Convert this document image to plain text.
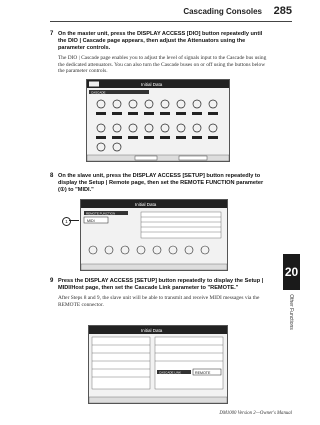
Cascading Consoles 285
20
Other Functions
7 On the master unit, press the DISPLAY ACCESS [DIO] button repeatedly until the DIO | Cascade page appears, then adjust the Attenuators using the parameter controls.
The DIO | Cascade page enables you to adjust the level of signals input to the Cascade bus using the dedicated attenuators. You can also turn the Cascade buses on or off using the buttons below the parameter controls.
Initial Data
CASCADE
8 On the slave unit, press the DISPLAY ACCESS [SETUP] button repeatedly to display the Setup | Remote page, then set the REMOTE FUNCTION parameter (①) to "MIDI."
1
Initial Data
REMOTE FUNCTION
MIDI
9 Press the DISPLAY ACCESS [SETUP] button repeatedly to display the Setup | MIDI/Host page, then set the Cascade Link parameter to "REMOTE."
After Steps 8 and 9, the slave unit will be able to transmit and receive MIDI messages via the REMOTE connector.
Initial Data
CASCADE LINK	REMOTE
DM1000 Version 2—Owner's Manual
